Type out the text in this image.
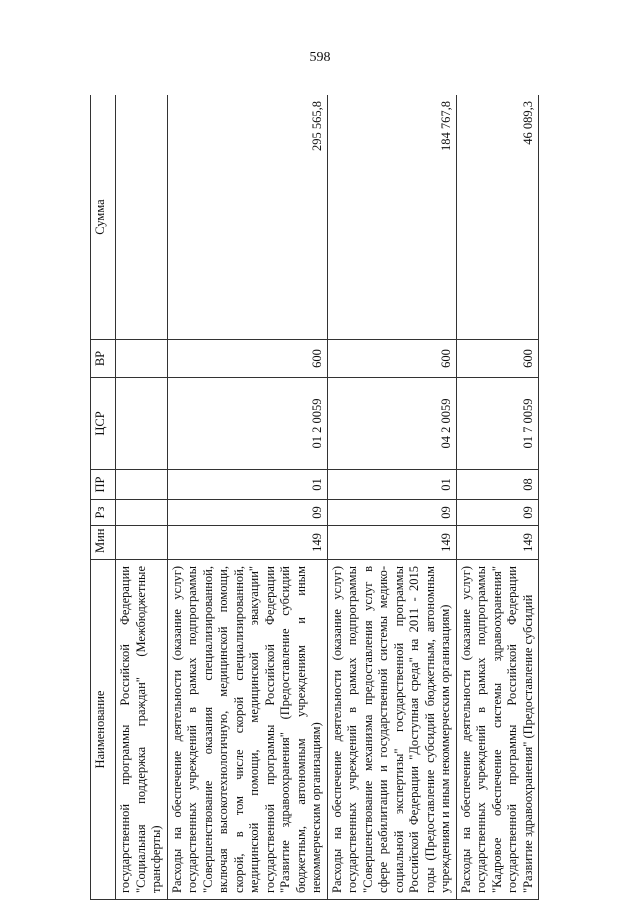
598
Наименование	Мин	Рз	ПР	ЦСР	ВР	Сумма
государственной программы Российской Федерации "Социальная поддержка граждан" (Межбюджетные трансферты)						
Расходы на обеспечение деятельности (оказание услуг) государственных учреждений в рамках подпрограммы "Совершенствование оказания специализированной, включая высокотехнологичную, медицинской помощи, скорой, в том числе скорой специализированной, медицинской помощи, медицинской эвакуации" государственной программы Российской Федерации "Развитие здравоохранения" (Предоставление субсидий бюджетным, автономным учреждениям и иным некоммерческим организациям)	149	09	01	01 2 0059	600	295 565,8
Расходы на обеспечение деятельности (оказание услуг) государственных учреждений в рамках подпрограммы "Совершенствование механизма предоставления услуг в сфере реабилитации и государственной системы медико-социальной экспертизы" государственной программы Российской Федерации "Доступная среда" на 2011 - 2015 годы (Предоставление субсидий бюджетным, автономным учреждениям и иным некоммерческим организациям)	149	09	01	04 2 0059	600	184 767,8
Расходы на обеспечение деятельности (оказание услуг) государственных учреждений в рамках подпрограммы "Кадровое обеспечение системы здравоохранения" государственной программы Российской Федерации "Развитие здравоохранения" (Предоставление субсидий	149	09	08	01 7 0059	600	46 089,3
